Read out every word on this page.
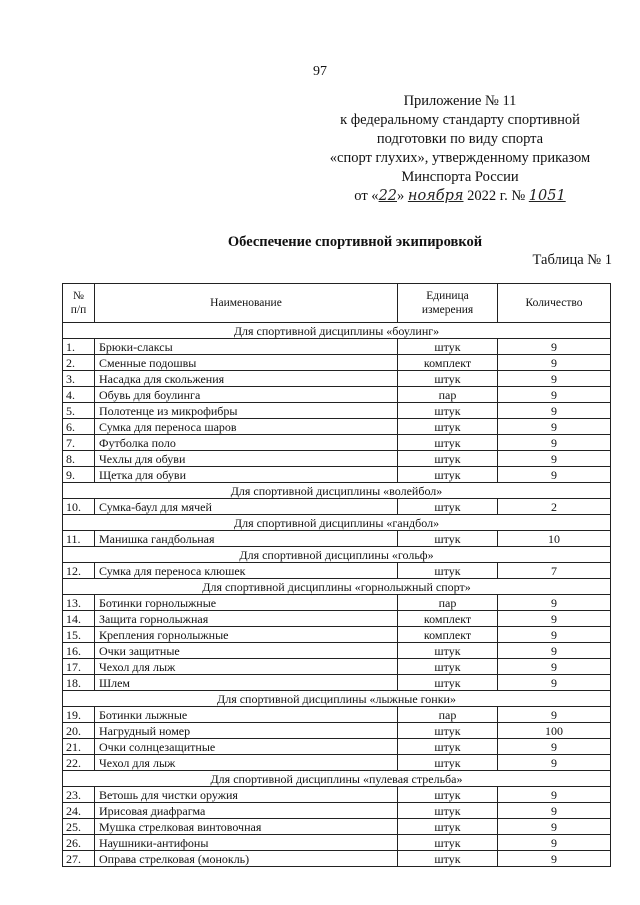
97
Приложение № 11
к федеральному стандарту спортивной
подготовки по виду спорта
«спорт глухих», утвержденному приказом
Минспорта России
от «22» ноября 2022 г. № 1051
Обеспечение спортивной экипировкой
Таблица № 1
№ п/п	Наименование	Единица измерения	Количество
Для спортивной дисциплины «боулинг»			
1.	Брюки-слаксы	штук	9
2.	Сменные подошвы	комплект	9
3.	Насадка для скольжения	штук	9
4.	Обувь для боулинга	пар	9
5.	Полотенце из микрофибры	штук	9
6.	Сумка для переноса шаров	штук	9
7.	Футболка поло	штук	9
8.	Чехлы для обуви	штук	9
9.	Щетка для обуви	штук	9
Для спортивной дисциплины «волейбол»			
10.	Сумка-баул для мячей	штук	2
Для спортивной дисциплины «гандбол»			
11.	Манишка гандбольная	штук	10
Для спортивной дисциплины «гольф»			
12.	Сумка для переноса клюшек	штук	7
Для спортивной дисциплины «горнолыжный спорт»			
13.	Ботинки горнолыжные	пар	9
14.	Защита горнолыжная	комплект	9
15.	Крепления горнолыжные	комплект	9
16.	Очки защитные	штук	9
17.	Чехол для лыж	штук	9
18.	Шлем	штук	9
Для спортивной дисциплины «лыжные гонки»			
19.	Ботинки лыжные	пар	9
20.	Нагрудный номер	штук	100
21.	Очки солнцезащитные	штук	9
22.	Чехол для лыж	штук	9
Для спортивной дисциплины «пулевая стрельба»			
23.	Ветошь для чистки оружия	штук	9
24.	Ирисовая диафрагма	штук	9
25.	Мушка стрелковая винтовочная	штук	9
26.	Наушники-антифоны	штук	9
27.	Оправа стрелковая (монокль)	штук	9
